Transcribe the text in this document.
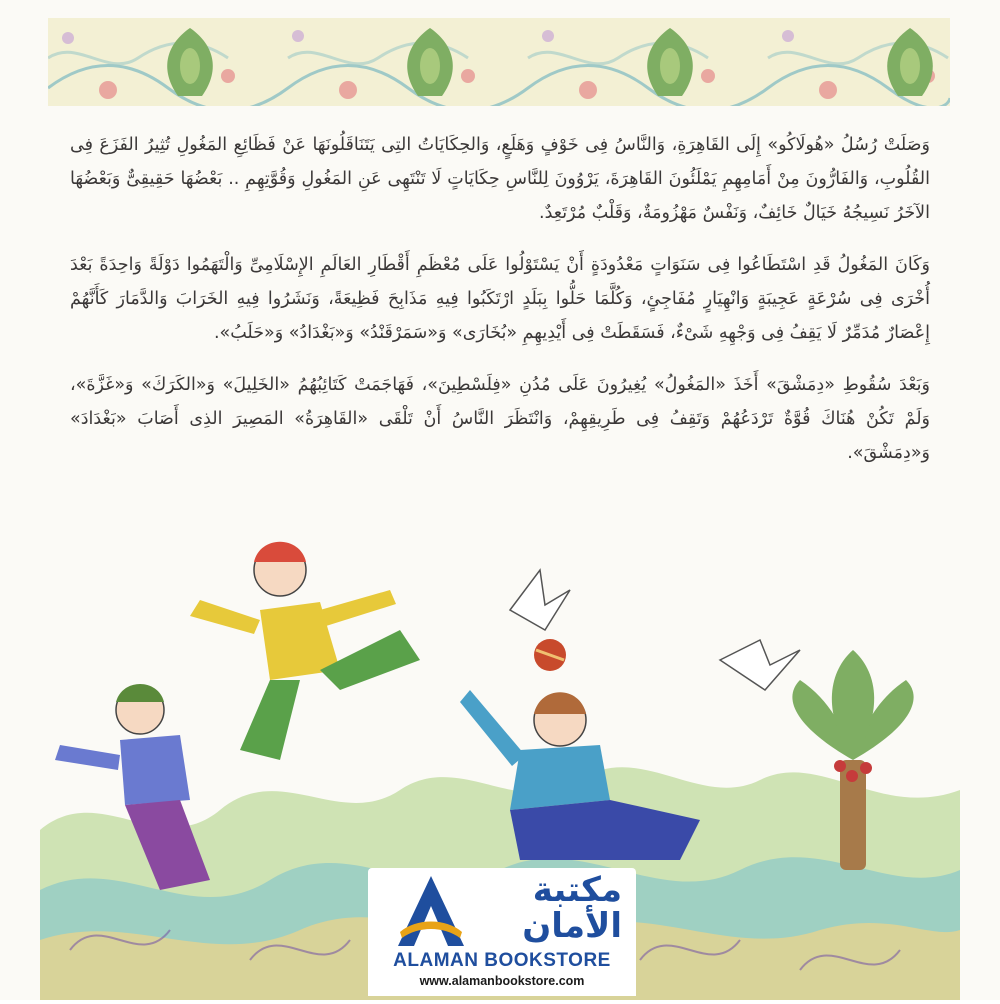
وَصَلَتْ رُسُلُ «هُولَاكُو» إِلَى القَاهِرَةِ، وَالنَّاسُ فِى خَوْفٍ وَهَلَعٍ، وَالحِكَايَاتُ التِى يَتَنَاقَلُونَهَا عَنْ فَظَائِعِ المَغُولِ تُثِيرُ الفَزَعَ فِى القُلُوبِ، وَالفَارُّونَ مِنْ أَمَامِهِمِ يَمْلَئُونَ القَاهِرَةَ، يَرْوُونَ لِلنَّاسِ حِكَايَاتٍ لَا تَنْتَهِى عَنِ المَغُولِ وَقُوَّتِهِمِ .. بَعْضُهَا حَقِيقِىٌّ وَبَعْضُهَا الآخَرُ نَسِيجُهُ خَيَالٌ خَائِفٌ، وَنَفْسٌ مَهْزُومَةٌ، وَقَلْبٌ مُرْتَعِدٌ.

وَكَانَ المَغُولُ قَدِ اسْتَطَاعُوا فِى سَنَوَاتٍ مَعْدُودَةٍ أَنْ يَسْتَوْلُوا عَلَى مُعْظَمِ أَقْطَارِ العَالَمِ الإِسْلَامِىِّ وَالْتَهَمُوا دَوْلَةً وَاحِدَةً بَعْدَ أُخْرَى فِى سُرْعَةٍ عَجِيبَةٍ وَانْهِيَارٍ مُفَاجِئٍ، وَكُلَّمَا حَلُّوا بِبَلَدٍ ارْتَكَبُوا فِيهِ مَذَابِحَ فَظِيعَةً، وَنَشَرُوا فِيهِ الخَرَابَ وَالدَّمَارَ كَأَنَّهُمْ إِعْصَارٌ مُدَمِّرٌ لَا يَقِفُ فِى وَجْهِهِ شَىْءٌ، فَسَقَطَتْ فِى أَيْدِيهِمِ «بُخَارَى» وَ«سَمَرْقَنْدُ» وَ«بَغْدَادُ» وَ«حَلَبُ».

وَبَعْدَ سُقُوطِ «دِمَشْقَ» أَخَذَ «المَغُولُ» يُغِيرُونَ عَلَى مُدُنِ «فِلَسْطِينَ»، فَهَاجَمَتْ كَتَائِبُهُمُ «الخَلِيلَ» وَ«الكَرَكَ» وَ«غَزَّةَ»، وَلَمْ تَكُنْ هُنَاكَ قُوَّةٌ تَرْدَعُهُمْ وَتَقِفُ فِى طَرِيقِهِمْ، وَانْتَظَرَ النَّاسُ أَنْ تَلْقَى «القَاهِرَةُ» المَصِيرَ الذِى أَصَابَ «بَغْدَادَ» وَ«دِمَشْقَ».

مكتبة
الأمان
ALAMAN BOOKSTORE
www.alamanbookstore.com
